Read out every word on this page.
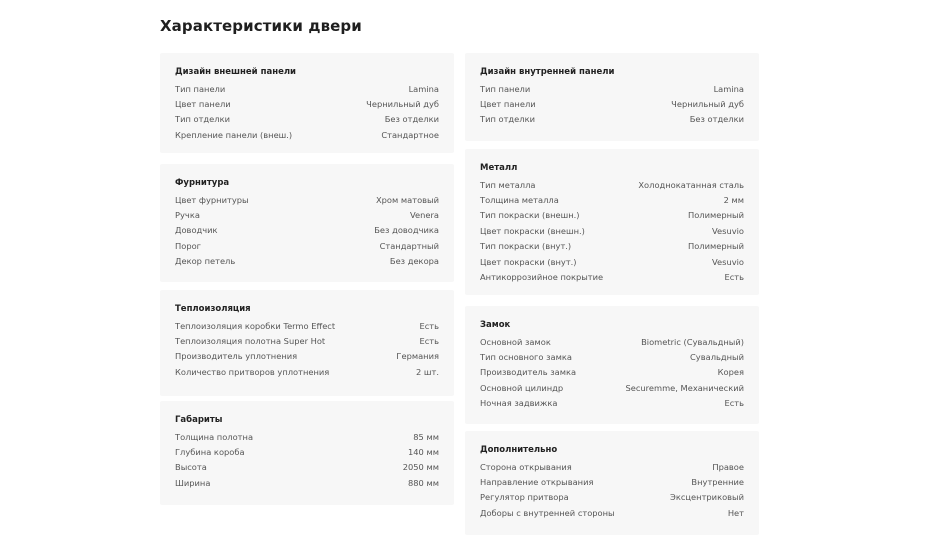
Характеристики двери
Дизайн внешней панели
Тип панели	Lamina
Цвет панели	Чернильный дуб
Тип отделки	Без отделки
Крепление панели (внеш.)	Стандартное
Фурнитура
Цвет фурнитуры	Хром матовый
Ручка	Venera
Доводчик	Без доводчика
Порог	Стандартный
Декор петель	Без декора
Теплоизоляция
Теплоизоляция коробки Termo Effect	Есть
Теплоизоляция полотна Super Hot	Есть
Производитель уплотнения	Германия
Количество притворов уплотнения	2 шт.
Габариты
Толщина полотна	85 мм
Глубина короба	140 мм
Высота	2050 мм
Ширина	880 мм
Дизайн внутренней панели
Тип панели	Lamina
Цвет панели	Чернильный дуб
Тип отделки	Без отделки
Металл
Тип металла	Холоднокатанная сталь
Толщина металла	2 мм
Тип покраски (внешн.)	Полимерный
Цвет покраски (внешн.)	Vesuvio
Тип покраски (внут.)	Полимерный
Цвет покраски (внут.)	Vesuvio
Антикоррозийное покрытие	Есть
Замок
Основной замок	Biometric (Сувальдный)
Тип основного замка	Сувальдный
Производитель замка	Корея
Основной цилиндр	Securemme, Механический
Ночная задвижка	Есть
Дополнительно
Сторона открывания	Правое
Направление открывания	Внутренние
Регулятор притвора	Эксцентриковый
Доборы с внутренней стороны	Нет
